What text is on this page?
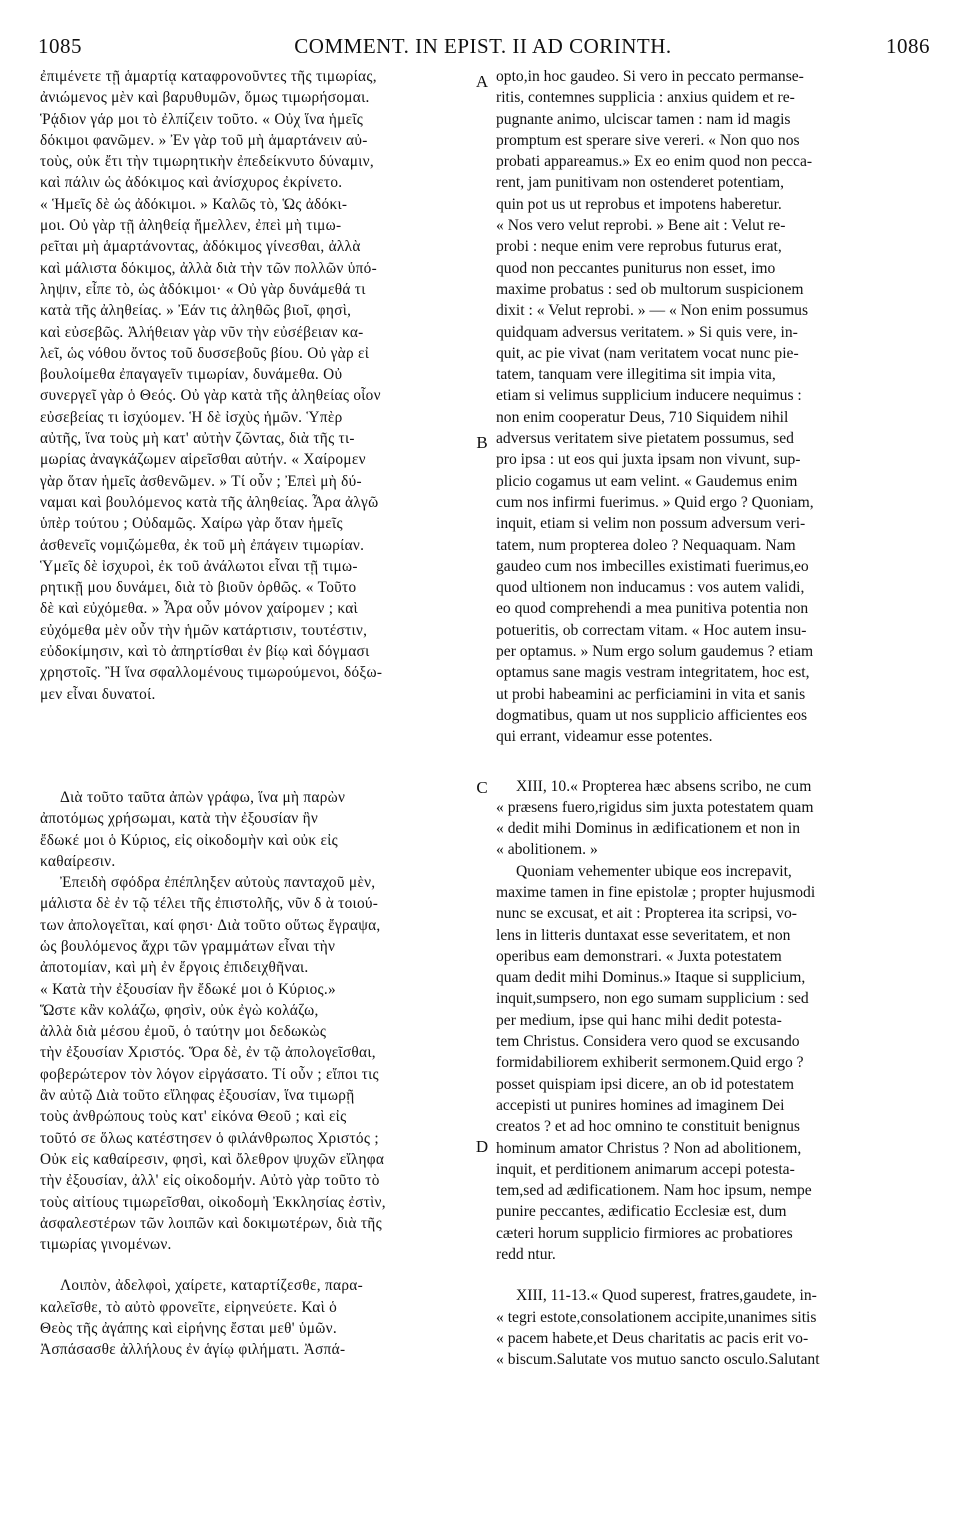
1085	COMMENT. IN EPIST. II AD CORINTH.	1086
ἐπιμένετε τῇ ἁμαρτίᾳ καταφρονοῦντες τῆς τιμωρίας,
ἀνιώμενος μὲν καὶ βαρυθυμῶν, ὅμως τιμωρήσομαι.
Ῥᾴδιον γάρ μοι τὸ ἐλπίζειν τοῦτο. « Οὐχ ἵνα ἡμεῖς
δόκιμοι φανῶμεν. » Ἐν γὰρ τοῦ μὴ ἁμαρτάνειν αὐ-
τοὺς, οὐκ ἔτι τὴν τιμωρητικὴν ἐπεδείκνυτο δύναμιν,
καὶ πάλιν ὡς ἀδόκιμος καὶ ἀνίσχυρος ἐκρίνετο.
« Ἡμεῖς δὲ ὡς ἀδόκιμοι. » Καλῶς τὸ, Ὡς ἀδόκι-
μοι. Οὐ γὰρ τῇ ἀληθείᾳ ἤμελλεν, ἐπεὶ μὴ τιμω-
ρεῖται μὴ ἁμαρτάνοντας, ἀδόκιμος γίνεσθαι, ἀλλὰ
καὶ μάλιστα δόκιμος, ἀλλὰ διὰ τὴν τῶν πολλῶν ὑπό-
ληψιν, εἶπε τὸ, ὡς ἀδόκιμοι· « Οὐ γὰρ δυνάμεθά τι
κατὰ τῆς ἀληθείας. » Ἐάν τις ἀληθῶς βιοῖ, φησὶ,
καὶ εὐσεβῶς. Ἀλήθειαν γὰρ νῦν τὴν εὐσέβειαν κα-
λεῖ, ὡς νόθου ὄντος τοῦ δυσσεβοῦς βίου. Οὐ γὰρ εἰ
βουλοίμεθα ἐπαγαγεῖν τιμωρίαν, δυνάμεθα. Οὐ
συνεργεῖ γὰρ ὁ Θεός. Οὐ γὰρ κατὰ τῆς ἀληθείας οἷον
εὐσεβείας τι ἰσχύομεν. Ἡ δὲ ἰσχὺς ἡμῶν. Ὑπὲρ
αὐτῆς, ἵνα τοὺς μὴ κατ' αὐτὴν ζῶντας, διὰ τῆς τι-
μωρίας ἀναγκάζωμεν αἱρεῖσθαι αὐτήν. « Χαίρομεν
γὰρ ὅταν ἡμεῖς ἀσθενῶμεν. » Τί οὖν ; Ἐπεὶ μὴ δύ-
ναμαι καὶ βουλόμενος κατὰ τῆς ἀληθείας. Ἆρα ἀλγῶ
ὑπὲρ τούτου ; Οὐδαμῶς. Χαίρω γὰρ ὅταν ἡμεῖς
ἀσθενεῖς νομιζώμεθα, ἐκ τοῦ μὴ ἐπάγειν τιμωρίαν.
Ὑμεῖς δὲ ἰσχυροὶ, ἐκ τοῦ ἀνάλωτοι εἶναι τῇ τιμω-
ρητικῇ μου δυνάμει, διὰ τὸ βιοῦν ὀρθῶς. « Τοῦτο
δὲ καὶ εὐχόμεθα. » Ἆρα οὖν μόνον χαίρομεν ; καὶ
εὐχόμεθα μὲν οὖν τὴν ἡμῶν κατάρτισιν, τουτέστιν,
εὐδοκίμησιν, καὶ τὸ ἀπηρτίσθαι ἐν βίῳ καὶ δόγμασι
χρηστοῖς. Ἢ ἵνα σφαλλομένους τιμωρούμενοι, δόξω-
μεν εἶναι δυνατοί.
Διὰ τοῦτο ταῦτα ἀπὼν γράφω, ἵνα μὴ παρὼν
ἀποτόμως χρήσωμαι, κατὰ τὴν ἐξουσίαν ἣν
ἔδωκέ μοι ὁ Κύριος, εἰς οἰκοδομὴν καὶ οὐκ εἰς
καθαίρεσιν.
Ἐπειδὴ σφόδρα ἐπέπληξεν αὐτοὺς πανταχοῦ μὲν,
μάλιστα δὲ ἐν τῷ τέλει τῆς ἐπιστολῆς, νῦν δ ὰ τοιού-
των ἀπολογεῖται, καί φησι· Διὰ τοῦτο οὕτως ἔγραψα,
ὡς βουλόμενος ἄχρι τῶν γραμμάτων εἶναι τὴν
ἀποτομίαν, καὶ μὴ ἐν ἔργοις ἐπιδειχθῆναι.
« Κατὰ τὴν ἐξουσίαν ἣν ἔδωκέ μοι ὁ Κύριος.»
Ὥστε κἂν κολάζω, φησὶν, οὐκ ἐγὼ κολάζω,
ἀλλὰ διὰ μέσου ἐμοῦ, ὁ ταύτην μοι δεδωκὼς
τὴν ἐξουσίαν Χριστός. Ὅρα δὲ, ἐν τῷ ἀπολογεῖσθαι,
φοβερώτερον τὸν λόγον εἰργάσατο. Τί οὖν ; εἴποι τις
ἂν αὐτῷ Διὰ τοῦτο εἴληφας ἐξουσίαν, ἵνα τιμωρῇ
τοὺς ἀνθρώπους τοὺς κατ' εἰκόνα Θεοῦ ; καὶ εἰς
τοῦτό σε ὅλως κατέστησεν ὁ φιλάνθρωπος Χριστός ;
Οὐκ εἰς καθαίρεσιν, φησὶ, καὶ ὄλεθρον ψυχῶν εἴληφα
τὴν ἐξουσίαν, ἀλλ' εἰς οἰκοδομήν. Αὐτὸ γὰρ τοῦτο τὸ
τοὺς αἰτίους τιμωρεῖσθαι, οἰκοδομὴ Ἐκκλησίας ἐστὶν,
ἀσφαλεστέρων τῶν λοιπῶν καὶ δοκιμωτέρων, διὰ τῆς
τιμωρίας γινομένων.
Λοιπὸν, ἀδελφοὶ, χαίρετε, καταρτίζεσθε, παρα-
καλεῖσθε, τὸ αὐτὸ φρονεῖτε, εἰρηνεύετε. Καὶ ὁ
Θεὸς τῆς ἀγάπης καὶ εἰρήνης ἔσται μεθ' ὑμῶν.
Ἀσπάσασθε ἀλλήλους ἐν ἁγίῳ φιλήματι. Ἀσπά-
opto,in hoc gaudeo. Si vero in peccato permanse-
ritis, contemnes supplicia : anxius quidem et re-
pugnante animo, ulciscar tamen : nam id magis
promptum est sperare sive vereri. « Non quo nos
probati appareamus.» Ex eo enim quod non pecca-
rent, jam punitivam non ostenderet potentiam,
quin pot us ut reprobus et impotens haberetur.
« Nos vero velut reprobi. » Bene ait : Velut re-
probi : neque enim vere reprobus futurus erat,
quod non peccantes puniturus non esset, imo
maxime probatus : sed ob multorum suspicionem
dixit : « Velut reprobi. » — « Non enim possumus
quidquam adversus veritatem. » Si quis vere, in-
quit, ac pie vivat (nam veritatem vocat nunc pie-
tatem, tanquam vere illegitima sit impia vita,
etiam si velimus supplicium inducere nequimus :
non enim cooperatur Deus, 710 Siquidem nihil
adversus veritatem sive pietatem possumus, sed
pro ipsa : ut eos qui juxta ipsam non vivunt, sup-
plicio cogamus ut eam velint. « Gaudemus enim
cum nos infirmi fuerimus. » Quid ergo ? Quoniam,
inquit, etiam si velim non possum adversum veri-
tatem, num propterea doleo ? Nequaquam. Nam
gaudeo cum nos imbecilles existimati fuerimus,eo
quod ultionem non inducamus : vos autem validi,
eo quod comprehendi a mea punitiva potentia non
potueritis, ob correctam vitam. « Hoc autem insu-
per optamus. » Num ergo solum gaudemus ? etiam
optamus sane magis vestram integritatem, hoc est,
ut probi habeamini ac perficiamini in vita et sanis
dogmatibus, quam ut nos supplicio afficientes eos
qui errant, videamur esse potentes.
XIII, 10.« Propterea hæc absens scribo, ne cum
« præsens fuero,rigidus sim juxta potestatem quam
« dedit mihi Dominus in ædificationem et non in
« abolitionem. »
Quoniam vehementer ubique eos increpavit,
maxime tamen in fine epistolæ ; propter hujusmodi
nunc se excusat, et ait : Propterea ita scripsi, vo-
lens in litteris duntaxat esse severitatem, et non
operibus eam demonstrari. « Juxta potestatem
quam dedit mihi Dominus.» Itaque si supplicium,
inquit,sumpsero, non ego sumam supplicium : sed
per medium, ipse qui hanc mihi dedit potesta-
tem Christus. Considera vero quod se excusando
formidabiliorem exhiberit sermonem.Quid ergo ?
posset quispiam ipsi dicere, an ob id potestatem
accepisti ut punires homines ad imaginem Dei
creatos ? et ad hoc omnino te constituit benignus
hominum amator Christus ? Non ad abolitionem,
inquit, et perditionem animarum accepi potesta-
tem,sed ad ædificationem. Nam hoc ipsum, nempe
punire peccantes, ædificatio Ecclesiæ est, dum
cæteri horum supplicio firmiores ac probatiores
redd ntur.
XIII, 11-13.« Quod superest, fratres,gaudete, in-
« tegri estote,consolationem accipite,unanimes sitis
« pacem habete,et Deus charitatis ac pacis erit vo-
« biscum.Salutate vos mutuo sancto osculo.Salutant
A
B
C
D
